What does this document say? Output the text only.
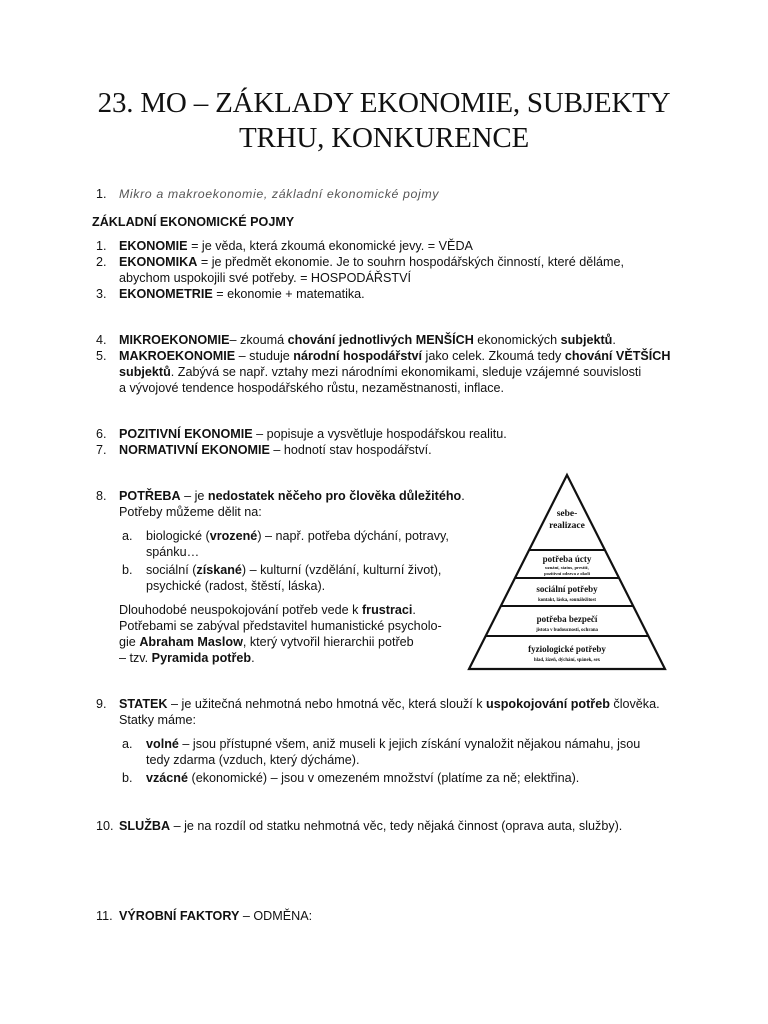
23. MO – ZÁKLADY EKONOMIE, SUBJEKTY
TRHU, KONKURENCE
1. Mikro a makroekonomie, základní ekonomické pojmy
ZÁKLADNÍ EKONOMICKÉ POJMY
1. EKONOMIE = je věda, která zkoumá ekonomické jevy. = VĚDA
2. EKONOMIKA = je předmět ekonomie. Je to souhrn hospodářských činností, které děláme,
abychom uspokojili své potřeby. = HOSPODÁŘSTVÍ
3. EKONOMETRIE = ekonomie + matematika.
4. MIKROEKONOMIE– zkoumá chování jednotlivých MENŠÍCH ekonomických subjektů.
5. MAKROEKONOMIE – studuje národní hospodářství jako celek. Zkoumá tedy chování VĚTŠÍCH
subjektů. Zabývá se např. vztahy mezi národními ekonomikami, sleduje vzájemné souvislosti
a vývojové tendence hospodářského růstu, nezaměstnanosti, inflace.
6. POZITIVNÍ EKONOMIE – popisuje a vysvětluje hospodářskou realitu.
7. NORMATIVNÍ EKONOMIE – hodnotí stav hospodářství.
8. POTŘEBA – je nedostatek něčeho pro člověka důležitého.
Potřeby můžeme dělit na:
a. biologické (vrozené) – např. potřeba dýchání, potravy,
spánku…
b. sociální (získané) – kulturní (vzdělání, kulturní život),
psychické (radost, štěstí, láska).
Dlouhodobé neuspokojování potřeb vede k frustraci.
Potřebami se zabýval představitel humanistické psycholo-
gie Abraham Maslow, který vytvořil hierarchii potřeb
– tzv. Pyramida potřeb.
sebe-
realizace
potřeba úcty
uznání, status, prestiž,
pozitivní odezva z okolí
sociální potřeby
kontakt, láska, sounáležitost
potřeba bezpečí
jistota v budoucnosti, ochrana
fyziologické potřeby
hlad, žízeň, dýchání, spánek, sex
9. STATEK – je užitečná nehmotná nebo hmotná věc, která slouží k uspokojování potřeb člověka.
Statky máme:
a. volné – jsou přístupné všem, aniž museli k jejich získání vynaložit nějakou námahu, jsou
tedy zdarma (vzduch, který dýcháme).
b. vzácné (ekonomické) – jsou v omezeném množství (platíme za ně; elektřina).
10. SLUŽBA – je na rozdíl od statku nehmotná věc, tedy nějaká činnost (oprava auta, služby).
11. VÝROBNÍ FAKTORY – ODMĚNA:
